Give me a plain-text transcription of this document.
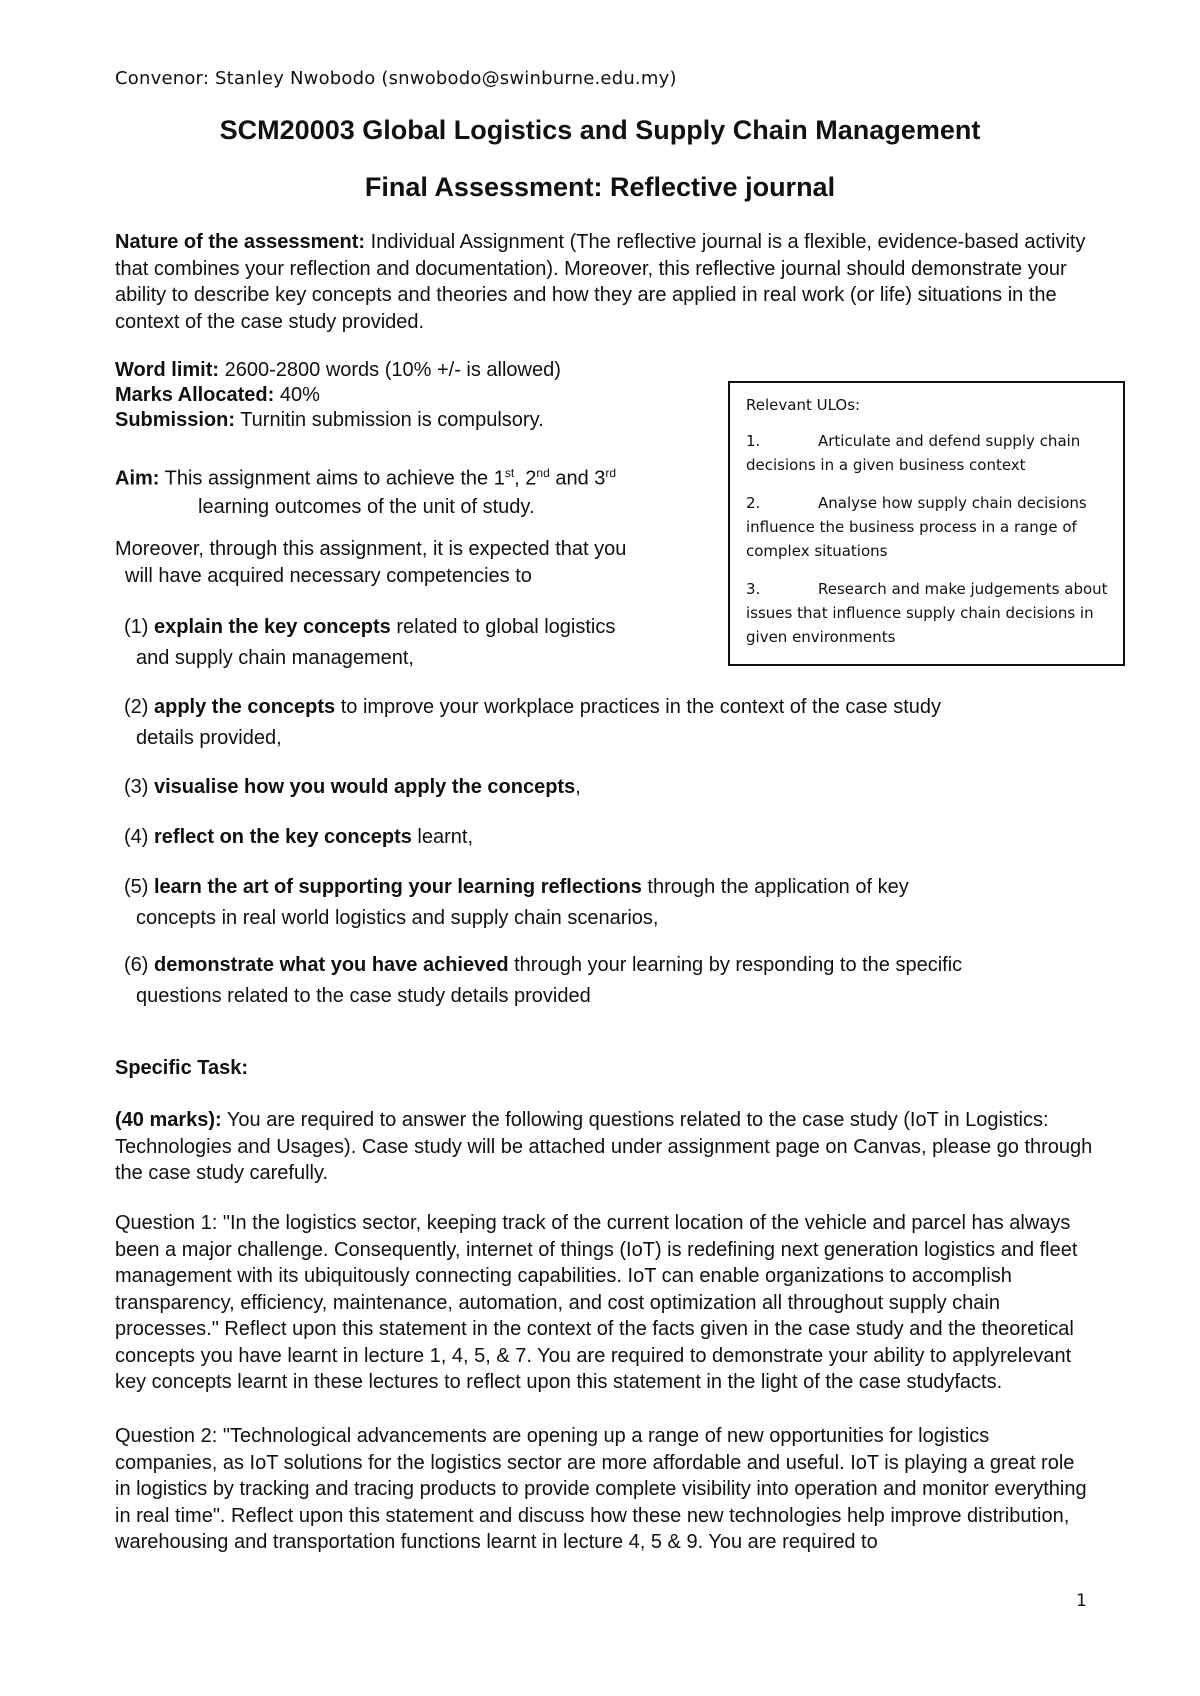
Convenor: Stanley Nwobodo (snwobodo@swinburne.edu.my)
SCM20003 Global Logistics and Supply Chain Management
Final Assessment: Reflective journal
Nature of the assessment: Individual Assignment (The reflective journal is a flexible, evidence-based activity that combines your reflection and documentation). Moreover, this reflective journal should demonstrate your ability to describe key concepts and theories and how they are applied in real work (or life) situations in the context of the case study provided.
Word limit: 2600-2800 words (10% +/- is allowed)
Marks Allocated: 40%
Submission: Turnitin submission is compulsory.
Aim: This assignment aims to achieve the 1st, 2nd and 3rd
learning outcomes of the unit of study.
Moreover, through this assignment, it is expected that you
will have acquired necessary competencies to
(1) explain the key concepts related to global logistics
and supply chain management,
(2) apply the concepts to improve your workplace practices in the context of the case study
details provided,
(3) visualise how you would apply the concepts,
(4) reflect on the key concepts learnt,
(5) learn the art of supporting your learning reflections through the application of key
concepts in real world logistics and supply chain scenarios,
(6) demonstrate what you have achieved through your learning by responding to the specific
questions related to the case study details provided
Relevant ULOs:
1.	Articulate and defend supply chain
decisions in a given business context
2.	Analyse how supply chain decisions
influence the business process in a range of complex situations
3.	Research and make judgements about
issues that influence supply chain decisions in given environments
Specific Task:
(40 marks): You are required to answer the following questions related to the case study (IoT in Logistics: Technologies and Usages). Case study will be attached under assignment page on Canvas, please go through the case study carefully.
Question 1: "In the logistics sector, keeping track of the current location of the vehicle and parcel has always been a major challenge. Consequently, internet of things (IoT) is redefining next generation logistics and fleet management with its ubiquitously connecting capabilities. IoT can enable organizations to accomplish transparency, efficiency, maintenance, automation, and cost optimization all throughout supply chain processes." Reflect upon this statement in the context of the facts given in the case study and the theoretical concepts you have learnt in lecture 1, 4, 5, & 7. You are required to demonstrate your ability to applyrelevant key concepts learnt in these lectures to reflect upon this statement in the light of the case studyfacts.
Question 2: "Technological advancements are opening up a range of new opportunities for logistics companies, as IoT solutions for the logistics sector are more affordable and useful. IoT is playing a great role in logistics by tracking and tracing products to provide complete visibility into operation and monitor everything in real time". Reflect upon this statement and discuss how these new technologies help improve distribution, warehousing and transportation functions learnt in lecture 4, 5 & 9. You are required to
1
